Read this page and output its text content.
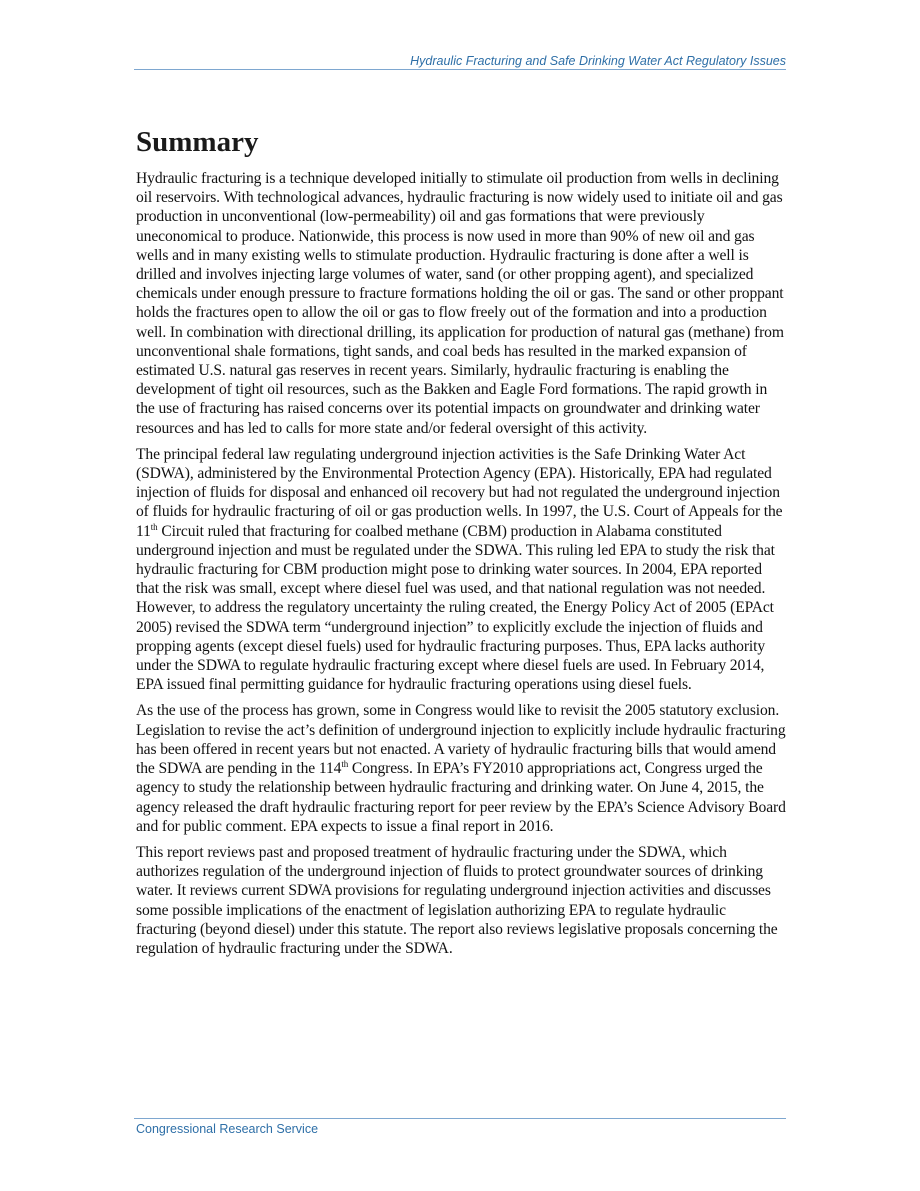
Hydraulic Fracturing and Safe Drinking Water Act Regulatory Issues
Summary

Hydraulic fracturing is a technique developed initially to stimulate oil production from wells in declining oil reservoirs. With technological advances, hydraulic fracturing is now widely used to initiate oil and gas production in unconventional (low-permeability) oil and gas formations that were previously uneconomical to produce. Nationwide, this process is now used in more than 90% of new oil and gas wells and in many existing wells to stimulate production. Hydraulic fracturing is done after a well is drilled and involves injecting large volumes of water, sand (or other propping agent), and specialized chemicals under enough pressure to fracture formations holding the oil or gas. The sand or other proppant holds the fractures open to allow the oil or gas to flow freely out of the formation and into a production well. In combination with directional drilling, its application for production of natural gas (methane) from unconventional shale formations, tight sands, and coal beds has resulted in the marked expansion of estimated U.S. natural gas reserves in recent years. Similarly, hydraulic fracturing is enabling the development of tight oil resources, such as the Bakken and Eagle Ford formations. The rapid growth in the use of fracturing has raised concerns over its potential impacts on groundwater and drinking water resources and has led to calls for more state and/or federal oversight of this activity.

The principal federal law regulating underground injection activities is the Safe Drinking Water Act (SDWA), administered by the Environmental Protection Agency (EPA). Historically, EPA had regulated injection of fluids for disposal and enhanced oil recovery but had not regulated the underground injection of fluids for hydraulic fracturing of oil or gas production wells. In 1997, the U.S. Court of Appeals for the 11th Circuit ruled that fracturing for coalbed methane (CBM) production in Alabama constituted underground injection and must be regulated under the SDWA. This ruling led EPA to study the risk that hydraulic fracturing for CBM production might pose to drinking water sources. In 2004, EPA reported that the risk was small, except where diesel fuel was used, and that national regulation was not needed. However, to address the regulatory uncertainty the ruling created, the Energy Policy Act of 2005 (EPAct 2005) revised the SDWA term “underground injection” to explicitly exclude the injection of fluids and propping agents (except diesel fuels) used for hydraulic fracturing purposes. Thus, EPA lacks authority under the SDWA to regulate hydraulic fracturing except where diesel fuels are used. In February 2014, EPA issued final permitting guidance for hydraulic fracturing operations using diesel fuels.

As the use of the process has grown, some in Congress would like to revisit the 2005 statutory exclusion. Legislation to revise the act’s definition of underground injection to explicitly include hydraulic fracturing has been offered in recent years but not enacted. A variety of hydraulic fracturing bills that would amend the SDWA are pending in the 114th Congress. In EPA’s FY2010 appropriations act, Congress urged the agency to study the relationship between hydraulic fracturing and drinking water. On June 4, 2015, the agency released the draft hydraulic fracturing report for peer review by the EPA’s Science Advisory Board and for public comment. EPA expects to issue a final report in 2016.

This report reviews past and proposed treatment of hydraulic fracturing under the SDWA, which authorizes regulation of the underground injection of fluids to protect groundwater sources of drinking water. It reviews current SDWA provisions for regulating underground injection activities and discusses some possible implications of the enactment of legislation authorizing EPA to regulate hydraulic fracturing (beyond diesel) under this statute. The report also reviews legislative proposals concerning the regulation of hydraulic fracturing under the SDWA.

Congressional Research Service
